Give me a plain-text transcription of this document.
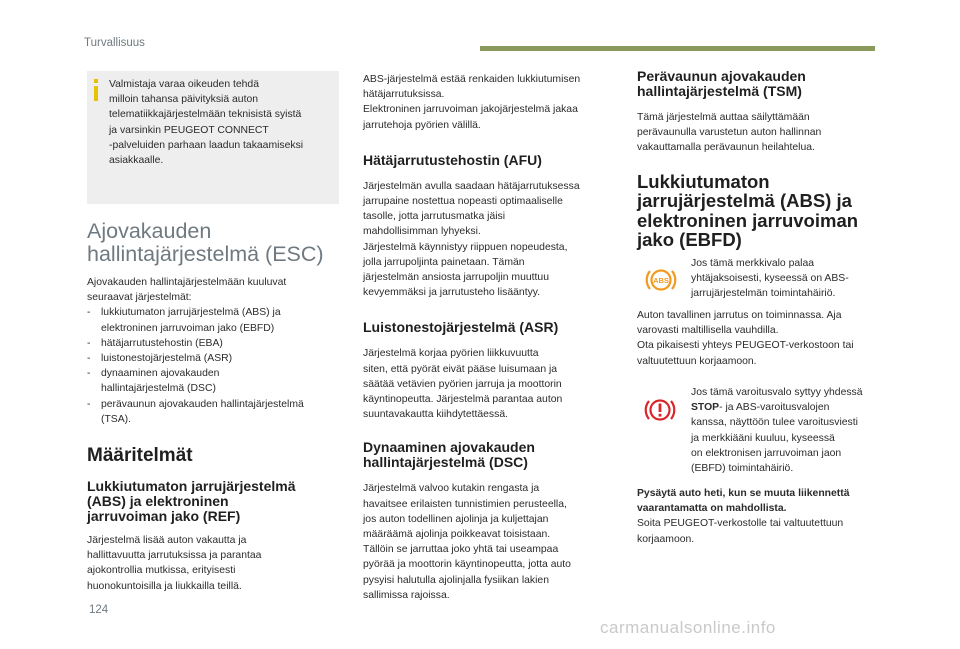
Turvallisuus

Valmistaja varaa oikeuden tehdä

milloin tahansa päivityksiä auton

telematiikkajärjestelmään teknisistä syistä

ja varsinkin PEUGEOT CONNECT

-palveluiden parhaan laadun takaamiseksi

asiakkaalle.

Ajovakauden

hallintajärjestelmä (ESC)

Ajovakauden hallintajärjestelmään kuuluvat

seuraavat järjestelmät:

- lukkiutumaton jarrujärjestelmä (ABS) ja
elektroninen jarruvoiman jako (EBFD)
- hätäjarrutustehostin (EBA)
- luistonestojärjestelmä (ASR)
- dynaaminen ajovakauden
hallintajärjestelmä (DSC)
- perävaunun ajovakauden hallintajärjestelmä
(TSA).

Määritelmät

Lukkiutumaton jarrujärjestelmä

(ABS) ja elektroninen

jarruvoiman jako (REF)

Järjestelmä lisää auton vakautta ja

hallittavuutta jarrutuksissa ja parantaa

ajokontrollia mutkissa, erityisesti

huonokuntoisilla ja liukkailla teillä.

ABS-järjestelmä estää renkaiden lukkiutumisen

hätäjarrutuksissa.

Elektroninen jarruvoiman jakojärjestelmä jakaa

jarrutehoja pyörien välillä.

Hätäjarrutustehostin (AFU)

Järjestelmän avulla saadaan hätäjarrutuksessa

jarrupaine nostettua nopeasti optimaaliselle

tasolle, jotta jarrutusmatka jäisi

mahdollisimman lyhyeksi.

Järjestelmä käynnistyy riippuen nopeudesta,

jolla jarrupoljinta painetaan. Tämän

järjestelmän ansiosta jarrupoljin muuttuu

kevyemmäksi ja jarrutusteho lisääntyy.

Luistonestojärjestelmä (ASR)

Järjestelmä korjaa pyörien liikkuvuutta

siten, että pyörät eivät pääse luisumaan ja

säätää vetävien pyörien jarruja ja moottorin

käyntinopeutta. Järjestelmä parantaa auton

suuntavakautta kiihdytettäessä.

Dynaaminen ajovakauden

hallintajärjestelmä (DSC)

Järjestelmä valvoo kutakin rengasta ja

havaitsee erilaisten tunnistimien perusteella,

jos auton todellinen ajolinja ja kuljettajan

määräämä ajolinja poikkeavat toisistaan.

Tällöin se jarruttaa joko yhtä tai useampaa

pyörää ja moottorin käyntinopeutta, jotta auto

pysyisi halutulla ajolinjalla fysiikan lakien

sallimissa rajoissa.

Perävaunun ajovakauden

hallintajärjestelmä (TSM)

Tämä järjestelmä auttaa säilyttämään

perävaunulla varustetun auton hallinnan

vakauttamalla perävaunun heilahtelua.

Lukkiutumaton

jarrujärjestelmä (ABS) ja

elektroninen jarruvoiman

jako (EBFD)

ABS

Jos tämä merkkivalo palaa

yhtäjaksoisesti, kyseessä on ABS-

jarrujärjestelmän toimintahäiriö.

Auton tavallinen jarrutus on toiminnassa. Aja

varovasti maltillisella vauhdilla.

Ota pikaisesti yhteys PEUGEOT-verkostoon tai

valtuutettuun korjaamoon.

Jos tämä varoitusvalo syttyy yhdessä

STOP- ja ABS-varoitusvalojen

kanssa, näyttöön tulee varoitusviesti

ja merkkiääni kuuluu, kyseessä

on elektronisen jarruvoiman jaon

(EBFD) toimintahäiriö.

Pysäytä auto heti, kun se muuta liikennettä

vaarantamatta on mahdollista.

Soita PEUGEOT-verkostolle tai valtuutettuun

korjaamoon.

124
carmanualsonline.info
